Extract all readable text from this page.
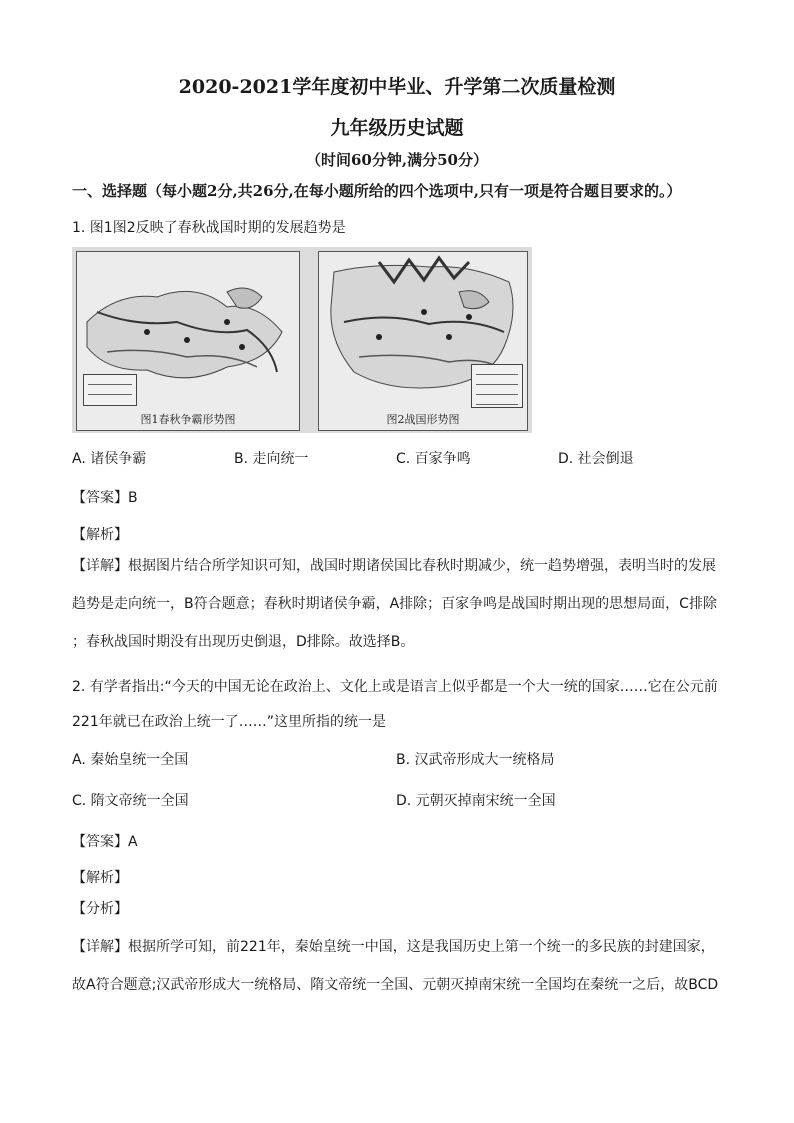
2020-2021学年度初中毕业、升学第二次质量检测
九年级历史试题
（时间60分钟,满分50分）
一、选择题（每小题2分,共26分,在每小题所给的四个选项中,只有一项是符合题目要求的。）
1. 图1图2反映了春秋战国时期的发展趋势是
图1春秋争霸形势图	图2战国形势图
A. 诸侯争霸	B. 走向统一	C. 百家争鸣	D. 社会倒退
【答案】B
【解析】
【详解】根据图片结合所学知识可知，战国时期诸侯国比春秋时期减少，统一趋势增强，表明当时的发展
趋势是走向统一，B符合题意；春秋时期诸侯争霸，A排除；百家争鸣是战国时期出现的思想局面，C排除
；春秋战国时期没有出现历史倒退，D排除。故选择B。
2. 有学者指出:“今天的中国无论在政治上、文化上或是语言上似乎都是一个大一统的国家……它在公元前
221年就已在政治上统一了……”这里所指的统一是
A. 秦始皇统一全国	B. 汉武帝形成大一统格局
C. 隋文帝统一全国	D. 元朝灭掉南宋统一全国
【答案】A
【解析】
【分析】
【详解】根据所学可知，前221年，秦始皇统一中国，这是我国历史上第一个统一的多民族的封建国家，
故A符合题意;汉武帝形成大一统格局、隋文帝统一全国、元朝灭掉南宋统一全国均在秦统一之后，故BCD
